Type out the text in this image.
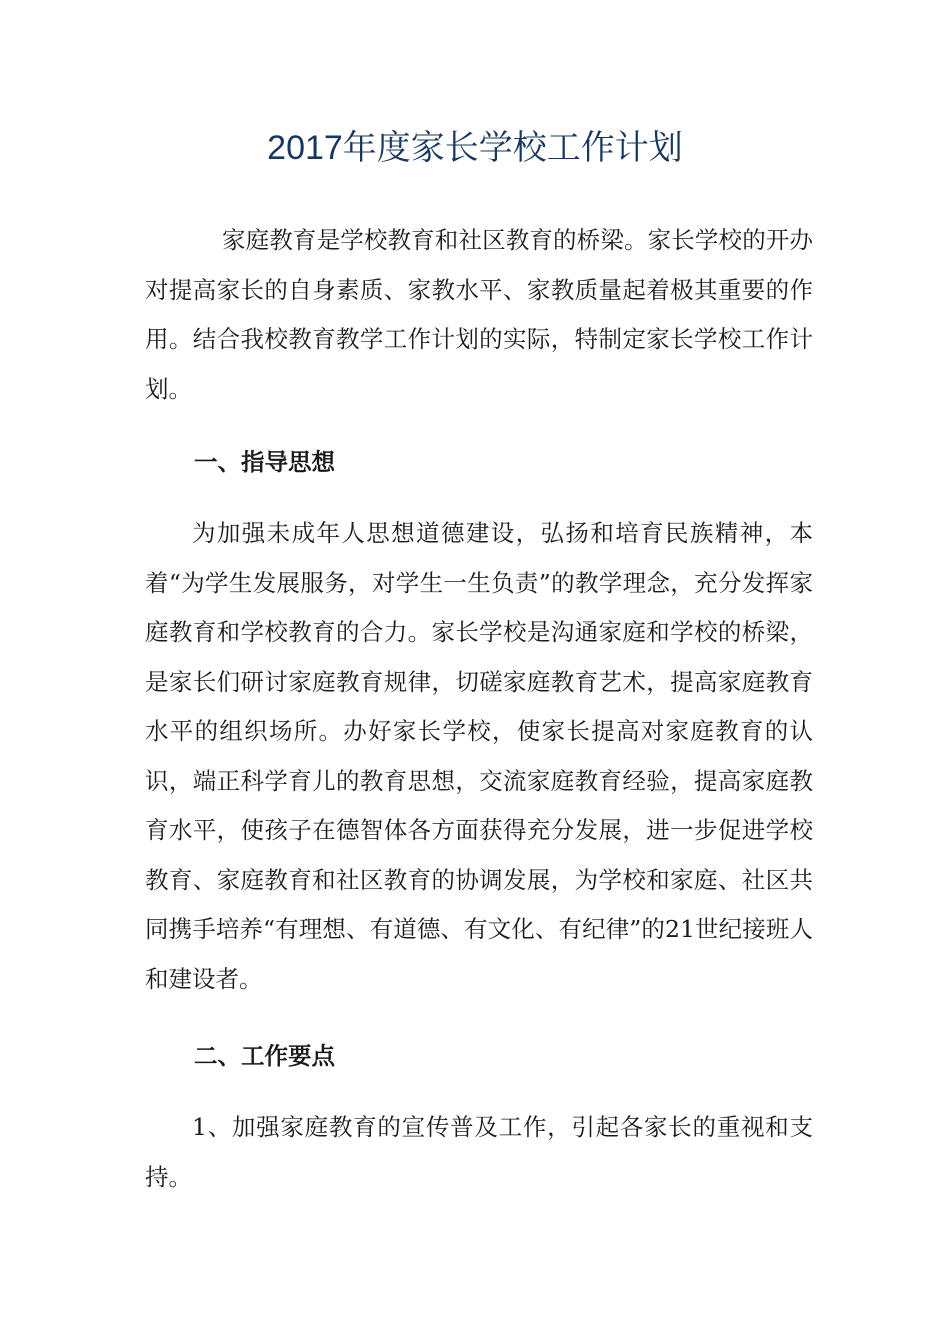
2017年度家长学校工作计划

家庭教育是学校教育和社区教育的桥梁。家长学校的开办对提高家长的自身素质、家教水平、家教质量起着极其重要的作用。结合我校教育教学工作计划的实际，特制定家长学校工作计划。

一、指导思想

为加强未成年人思想道德建设，弘扬和培育民族精神，本着“为学生发展服务，对学生一生负责”的教学理念，充分发挥家庭教育和学校教育的合力。家长学校是沟通家庭和学校的桥梁，是家长们研讨家庭教育规律，切磋家庭教育艺术，提高家庭教育水平的组织场所。办好家长学校，使家长提高对家庭教育的认识，端正科学育儿的教育思想，交流家庭教育经验，提高家庭教育水平，使孩子在德智体各方面获得充分发展，进一步促进学校教育、家庭教育和社区教育的协调发展，为学校和家庭、社区共同携手培养“有理想、有道德、有文化、有纪律”的21世纪接班人和建设者。

二、工作要点

1、加强家庭教育的宣传普及工作，引起各家长的重视和支持。
